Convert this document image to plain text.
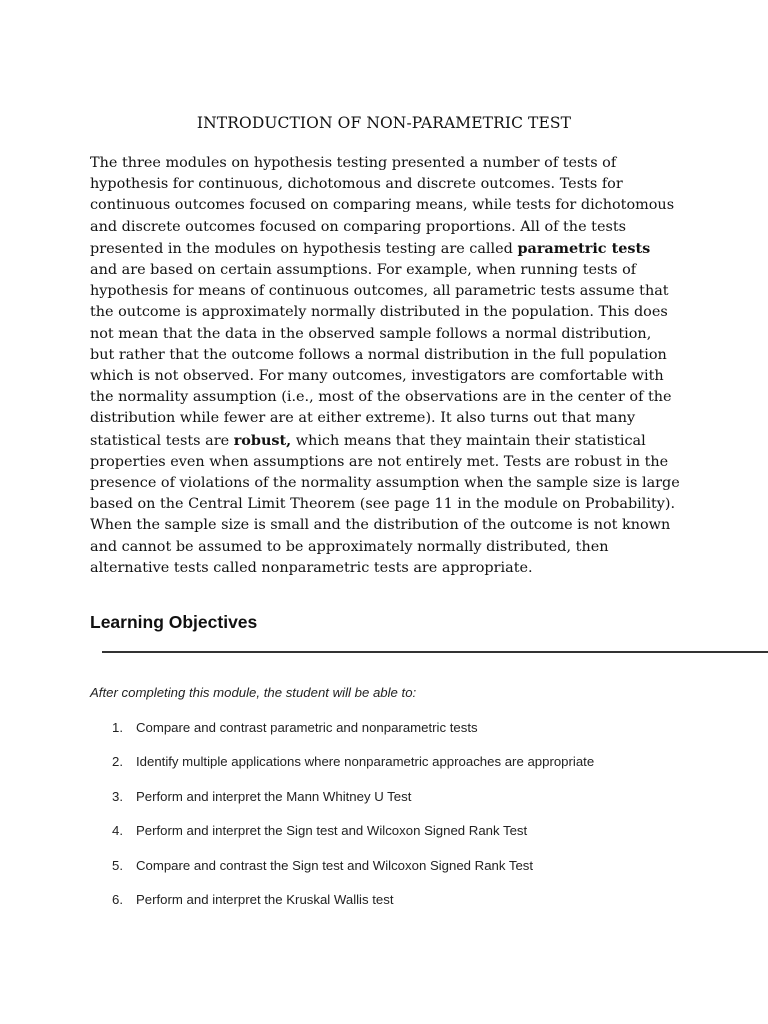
INTRODUCTION OF NON-PARAMETRIC TEST

The three modules on hypothesis testing presented a number of tests of hypothesis for continuous, dichotomous and discrete outcomes. Tests for continuous outcomes focused on comparing means, while tests for dichotomous and discrete outcomes focused on comparing proportions. All of the tests presented in the modules on hypothesis testing are called parametric tests and are based on certain assumptions. For example, when running tests of hypothesis for means of continuous outcomes, all parametric tests assume that the outcome is approximately normally distributed in the population. This does not mean that the data in the observed sample follows a normal distribution, but rather that the outcome follows a normal distribution in the full population which is not observed. For many outcomes, investigators are comfortable with the normality assumption (i.e., most of the observations are in the center of the distribution while fewer are at either extreme). It also turns out that many statistical tests are robust, which means that they maintain their statistical properties even when assumptions are not entirely met. Tests are robust in the presence of violations of the normality assumption when the sample size is large based on the Central Limit Theorem (see page 11 in the module on Probability). When the sample size is small and the distribution of the outcome is not known and cannot be assumed to be approximately normally distributed, then alternative tests called nonparametric tests are appropriate.

Learning Objectives
After completing this module, the student will be able to:
1. Compare and contrast parametric and nonparametric tests
2. Identify multiple applications where nonparametric approaches are appropriate
3. Perform and interpret the Mann Whitney U Test
4. Perform and interpret the Sign test and Wilcoxon Signed Rank Test
5. Compare and contrast the Sign test and Wilcoxon Signed Rank Test
6. Perform and interpret the Kruskal Wallis test
